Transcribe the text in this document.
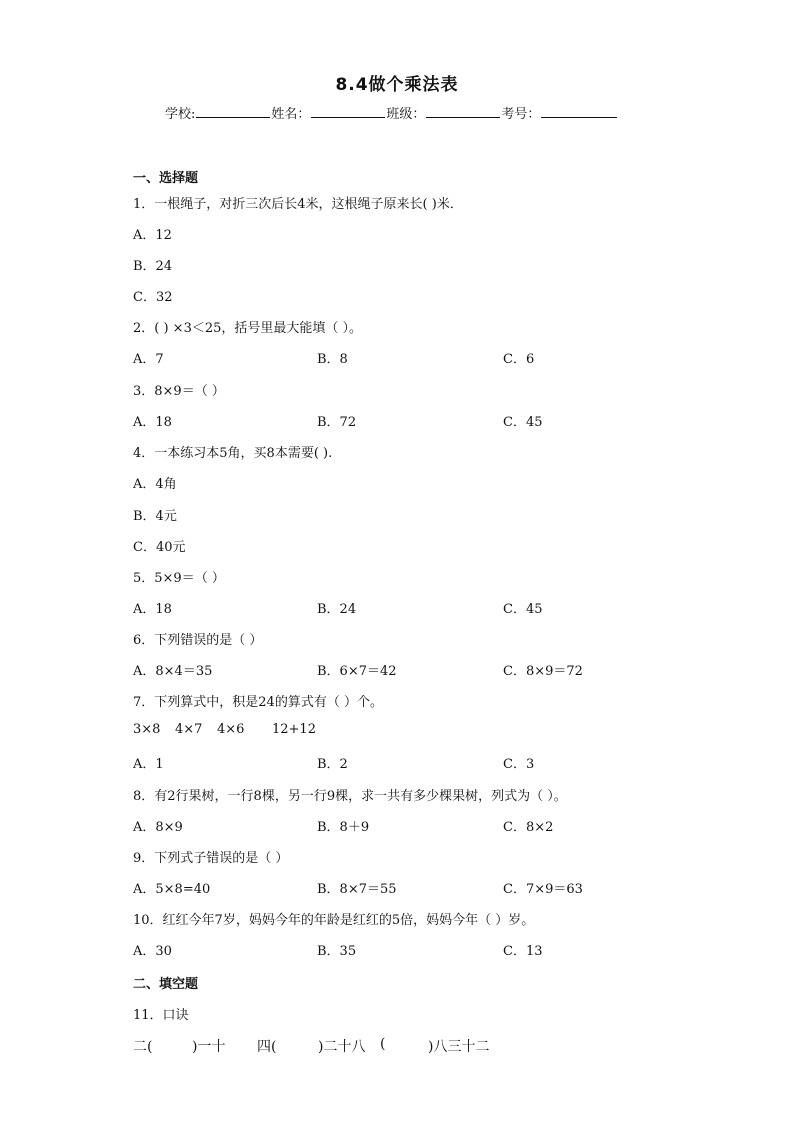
8.4做个乘法表
学校:	姓名：	班级：	考号：
一、选择题
1．一根绳子，对折三次后长4米，这根绳子原来长( )米．
A．12
B．24
C．32
2．( ) ×3＜25，括号里最大能填（ ）。
A．7	B．8	C．6
3．8×9＝（ ）
A．18	B．72	C．45
4．一本练习本5角，买8本需要( ).
A．4角
B．4元
C．40元
5．5×9＝（ ）
A．18	B．24	C．45
6．下列错误的是（ ）
A．8×4＝35	B．6×7＝42	C．8×9＝72
7．下列算式中，积是24的算式有（ ）个。
3×8 4×7 4×6 12+12
A．1	B．2	C．3
8．有2行果树，一行8棵，另一行9棵，求一共有多少棵果树，列式为（ ）。
A．8×9	B．8＋9	C．8×2
9．下列式子错误的是（ ）
A．5×8=40	B．8×7＝55	C．7×9＝63
10．红红今年7岁，妈妈今年的年龄是红红的5倍，妈妈今年（ ）岁。
A．30	B．35	C．13
二、填空题
11．口诀
二(	)一十 四(	)二十八 (	)八三十二
